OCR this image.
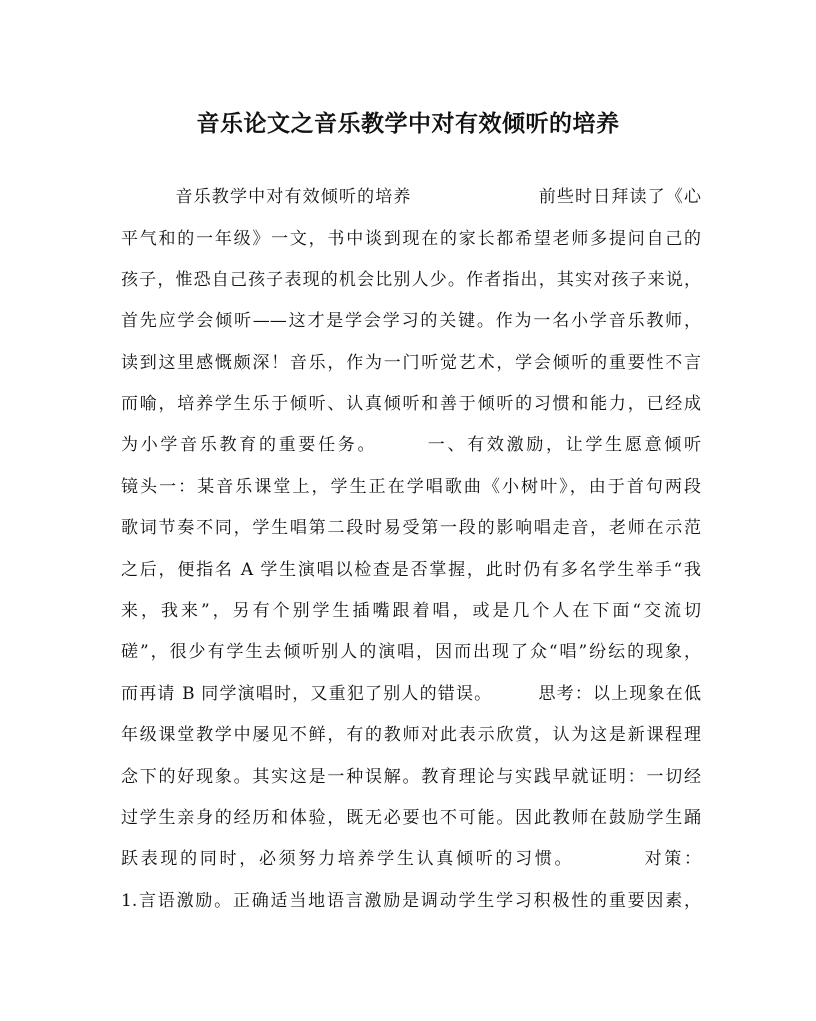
音乐论文之音乐教学中对有效倾听的培养

　　　音乐教学中对有效倾听的培养　　　　　　　前些时日拜读了《心

平气和的一年级》一文，书中谈到现在的家长都希望老师多提问自己的

孩子，惟恐自己孩子表现的机会比别人少。作者指出，其实对孩子来说，

首先应学会倾听——这才是学会学习的关键。作为一名小学音乐教师，

读到这里感慨颇深！音乐，作为一门听觉艺术，学会倾听的重要性不言

而喻，培养学生乐于倾听、认真倾听和善于倾听的习惯和能力，已经成

为小学音乐教育的重要任务。　　　一、有效激励，让学生愿意倾听

镜头一：某音乐课堂上，学生正在学唱歌曲《小树叶》，由于首句两段

歌词节奏不同，学生唱第二段时易受第一段的影响唱走音，老师在示范

之后，便指名 A 学生演唱以检查是否掌握，此时仍有多名学生举手“我

来，我来”，另有个别学生插嘴跟着唱，或是几个人在下面“交流切

磋”，很少有学生去倾听别人的演唱，因而出现了众“唱”纷纭的现象，

而再请 B 同学演唱时，又重犯了别人的错误。　　　思考：以上现象在低

年级课堂教学中屡见不鲜，有的教师对此表示欣赏，认为这是新课程理

念下的好现象。其实这是一种误解。教育理论与实践早就证明：一切经

过学生亲身的经历和体验，既无必要也不可能。因此教师在鼓励学生踊

跃表现的同时，必须努力培养学生认真倾听的习惯。　　　　对策：

1.言语激励。正确适当地语言激励是调动学生学习积极性的重要因素，
